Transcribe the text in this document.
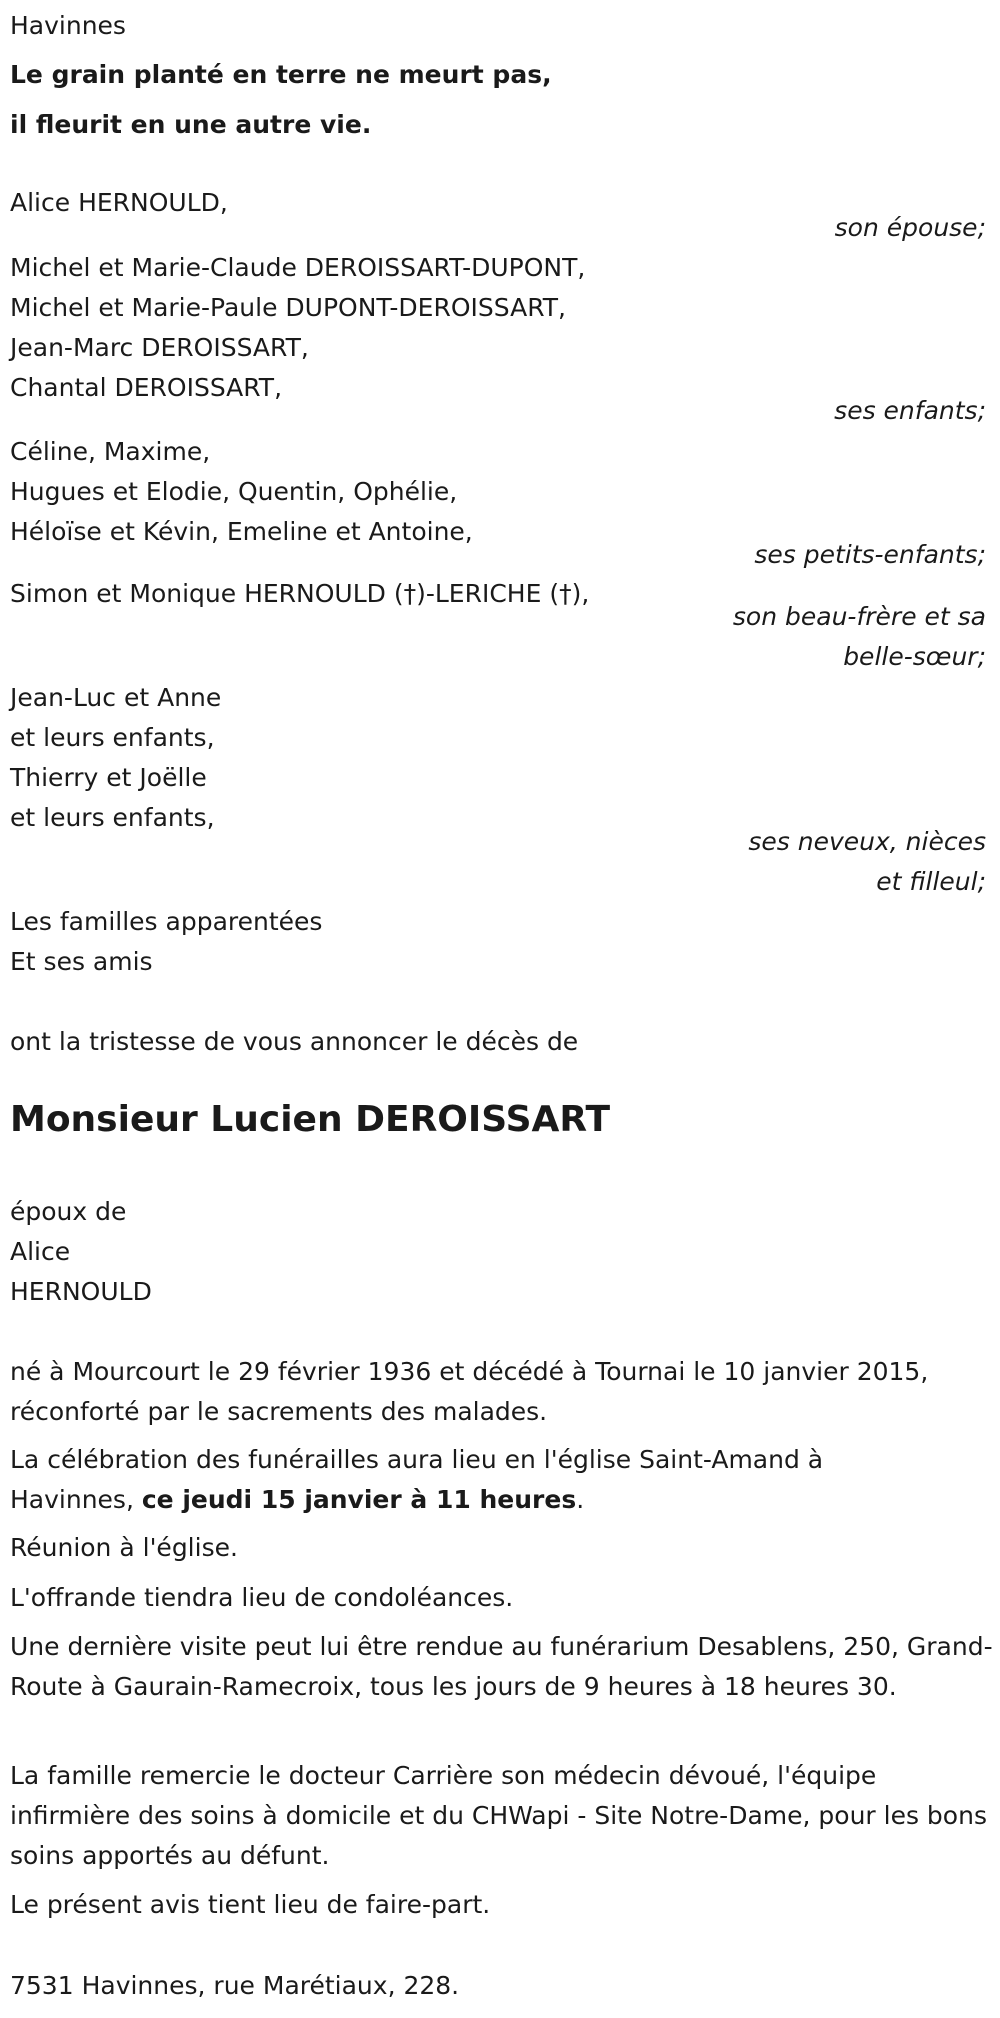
Havinnes
Le grain planté en terre ne meurt pas,
il fleurit en une autre vie.
Alice HERNOULD,
son épouse;
Michel et Marie-Claude DEROISSART-DUPONT,
Michel et Marie-Paule DUPONT-DEROISSART,
Jean-Marc DEROISSART,
Chantal DEROISSART,
ses enfants;
Céline, Maxime,
Hugues et Elodie, Quentin, Ophélie,
Héloïse et Kévin, Emeline et Antoine,
ses petits-enfants;
Simon et Monique HERNOULD (†)-LERICHE (†),
son beau-frère et sa
belle-sœur;
Jean-Luc et Anne
et leurs enfants,
Thierry et Joëlle
et leurs enfants,
ses neveux, nièces
et filleul;
Les familles apparentées
Et ses amis
ont la tristesse de vous annoncer le décès de
Monsieur Lucien DEROISSART
époux de
Alice
HERNOULD
né à Mourcourt le 29 février 1936 et décédé à Tournai le 10 janvier 2015, réconforté par le sacrements des malades.
La célébration des funérailles aura lieu en l'église Saint-Amand à Havinnes, ce jeudi 15 janvier à 11 heures.
Réunion à l'église.
L'offrande tiendra lieu de condoléances.
Une dernière visite peut lui être rendue au funérarium Desablens, 250, Grand-Route à Gaurain-Ramecroix, tous les jours de 9 heures à 18 heures 30.
La famille remercie le docteur Carrière son médecin dévoué, l'équipe infirmière des soins à domicile et du CHWapi - Site Notre-Dame, pour les bons soins apportés au défunt.
Le présent avis tient lieu de faire-part.
7531 Havinnes, rue Marétiaux, 228.
